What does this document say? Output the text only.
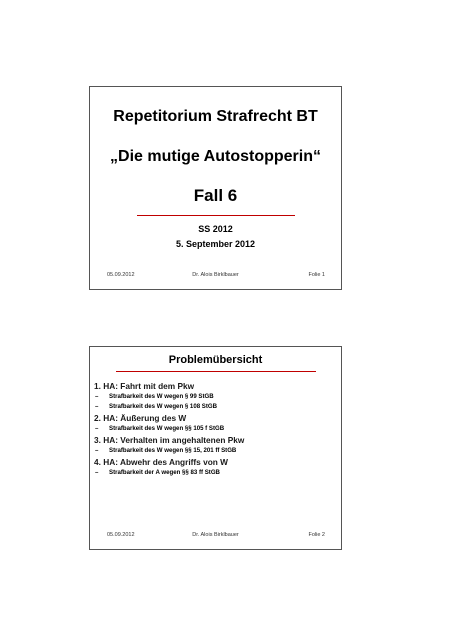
Repetitorium Strafrecht BT
„Die mutige Autostopperin“
Fall 6
SS 2012
5. September 2012
05.09.2012	Dr. Alois Birklbauer	Folie 1
Problemübersicht
1. HA: Fahrt mit dem Pkw
– Strafbarkeit des W wegen § 99 StGB
– Strafbarkeit des W wegen § 108 StGB
2. HA: Äußerung des W
– Strafbarkeit des W wegen §§ 105 f StGB
3. HA: Verhalten im angehaltenen Pkw
– Strafbarkeit des W wegen §§ 15, 201 ff StGB
4. HA: Abwehr des Angriffs von W
– Strafbarkeit der A wegen §§ 83 ff StGB
05.09.2012	Dr. Alois Birklbauer	Folie 2
